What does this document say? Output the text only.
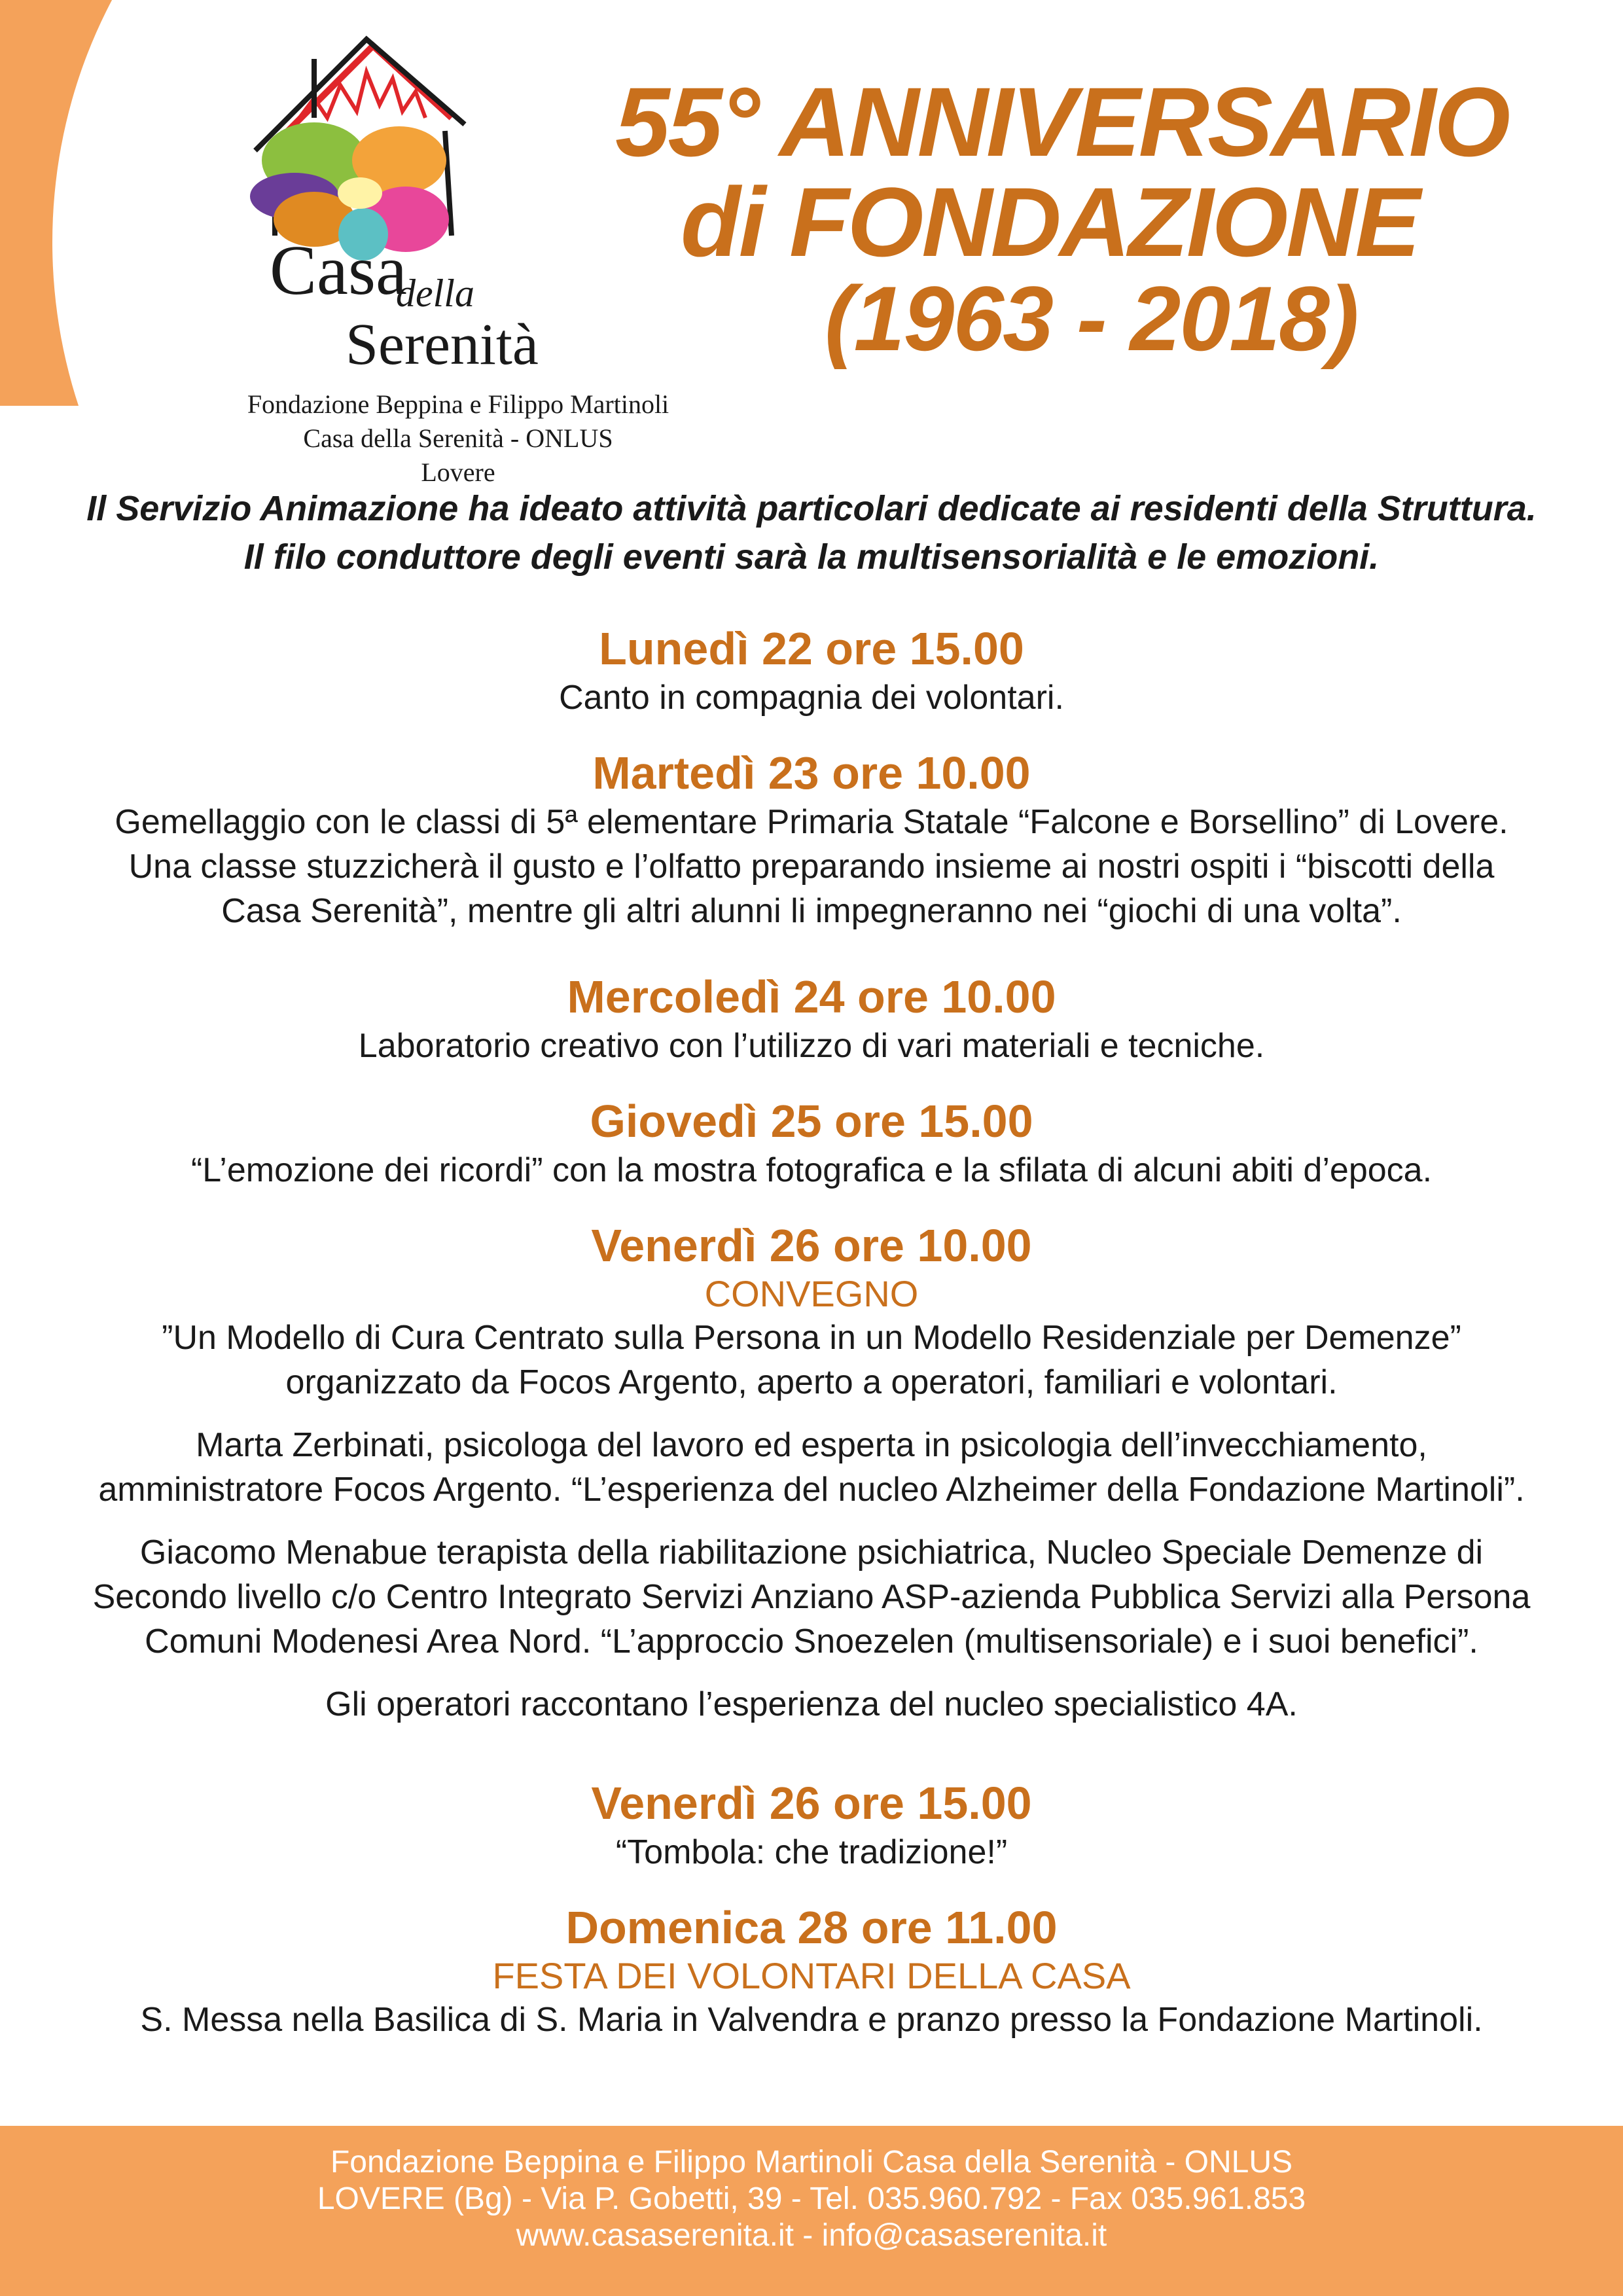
Casa
della
Serenità
Fondazione Beppina e Filippo Martinoli
Casa della Serenità - ONLUS
Lovere
55° ANNIVERSARIO
di FONDAZIONE
(1963 - 2018)
Il Servizio Animazione ha ideato attività particolari dedicate ai residenti della Struttura.
Il filo conduttore degli eventi sarà la multisensorialità e le emozioni.
Lunedì 22 ore 15.00
Canto in compagnia dei volontari.
Martedì 23 ore 10.00
Gemellaggio con le classi di 5ª elementare Primaria Statale “Falcone e Borsellino” di Lovere.
Una classe stuzzicherà il gusto e l’olfatto preparando insieme ai nostri ospiti i “biscotti della
Casa Serenità”, mentre gli altri alunni li impegneranno nei “giochi di una volta”.
Mercoledì 24 ore 10.00
Laboratorio creativo con l’utilizzo di vari materiali e tecniche.
Giovedì 25 ore 15.00
“L’emozione dei ricordi” con la mostra fotografica e la sfilata di alcuni abiti d’epoca.
Venerdì 26 ore 10.00
CONVEGNO
”Un Modello di Cura Centrato sulla Persona in un Modello Residenziale per Demenze”
organizzato da Focos Argento, aperto a operatori, familiari e volontari.
Marta Zerbinati, psicologa del lavoro ed esperta in psicologia dell’invecchiamento,
amministratore Focos Argento. “L’esperienza del nucleo Alzheimer della Fondazione Martinoli”.
Giacomo Menabue terapista della riabilitazione psichiatrica, Nucleo Speciale Demenze di
Secondo livello c/o Centro Integrato Servizi Anziano ASP-azienda Pubblica Servizi alla Persona
Comuni Modenesi Area Nord. “L’approccio Snoezelen (multisensoriale) e i suoi benefici”.
Gli operatori raccontano l’esperienza del nucleo specialistico 4A.
Venerdì 26 ore 15.00
“Tombola: che tradizione!”
Domenica 28 ore 11.00
FESTA DEI VOLONTARI DELLA CASA
S. Messa nella Basilica di S. Maria in Valvendra e pranzo presso la Fondazione Martinoli.
Fondazione Beppina e Filippo Martinoli Casa della Serenità - ONLUS
LOVERE (Bg) - Via P. Gobetti, 39 - Tel. 035.960.792 - Fax 035.961.853
www.casaserenita.it - info@casaserenita.it
